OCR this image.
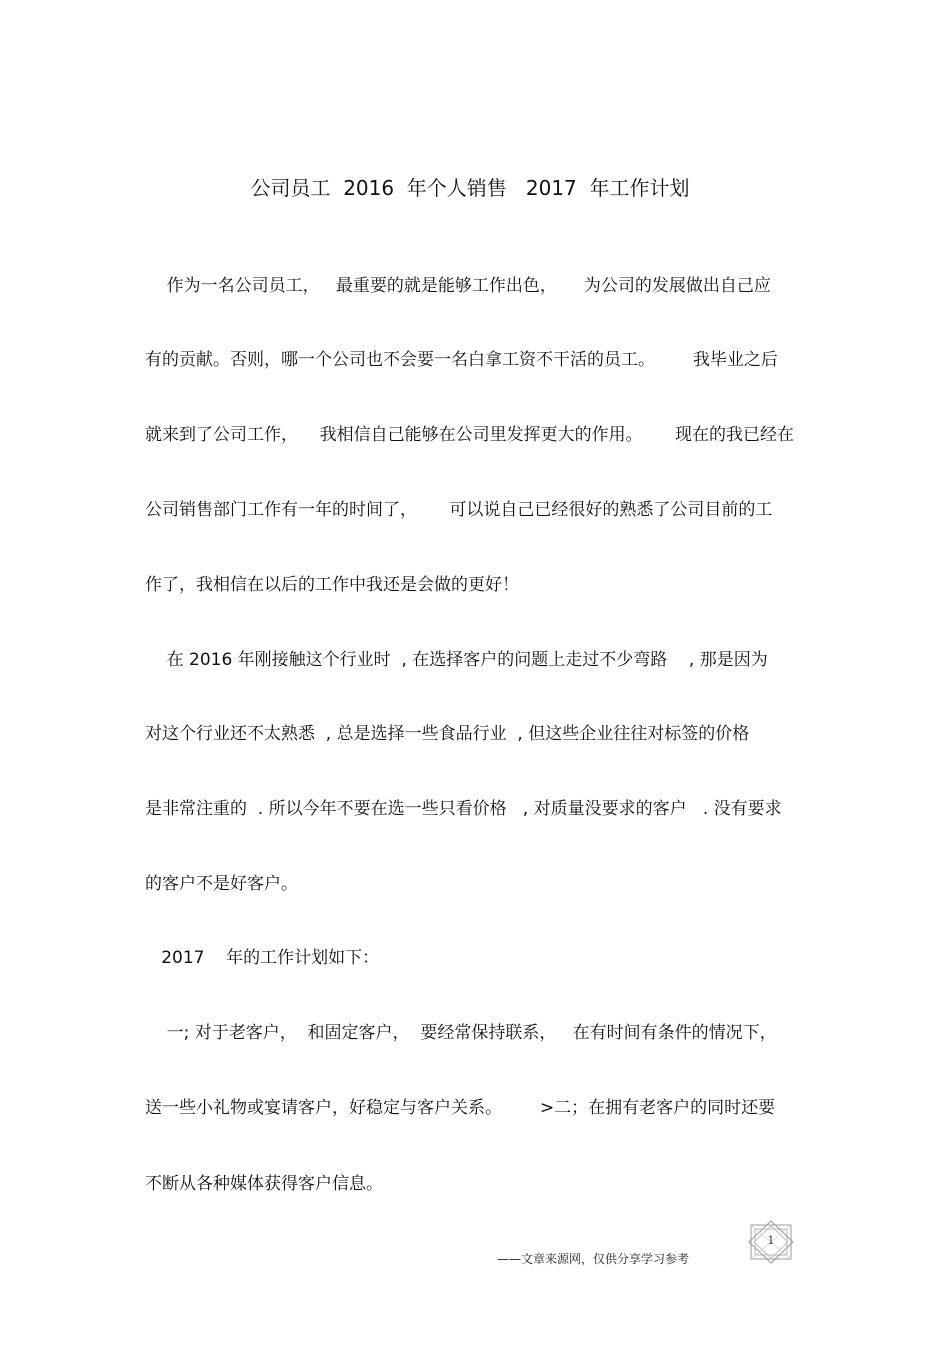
公司员工  2016  年个人销售   2017  年工作计划
作为一名公司员工，   最重要的就是能够工作出色，     为公司的发展做出自己应
有的贡献。否则，哪一个公司也不会要一名白拿工资不干活的员工。       我毕业之后
就来到了公司工作，    我相信自己能够在公司里发挥更大的作用。      现在的我已经在
公司销售部门工作有一年的时间了，      可以说自己已经很好的熟悉了公司目前的工
作了，我相信在以后的工作中我还是会做的更好！
在 2016 年刚接触这个行业时  , 在选择客户的问题上走过不少弯路    , 那是因为
对这个行业还不太熟悉  , 总是选择一些食品行业  , 但这些企业往往对标签的价格
是非常注重的  . 所以今年不要在选一些只看价格   , 对质量没要求的客户   . 没有要求
的客户不是好客户。
2017    年的工作计划如下：
一; 对于老客户，  和固定客户，  要经常保持联系，   在有时间有条件的情况下，
送一些小礼物或宴请客户，好稳定与客户关系。       >二；在拥有老客户的同时还要
不断从各种媒体获得客户信息。
——文章来源网，仅供分享学习参考
1
